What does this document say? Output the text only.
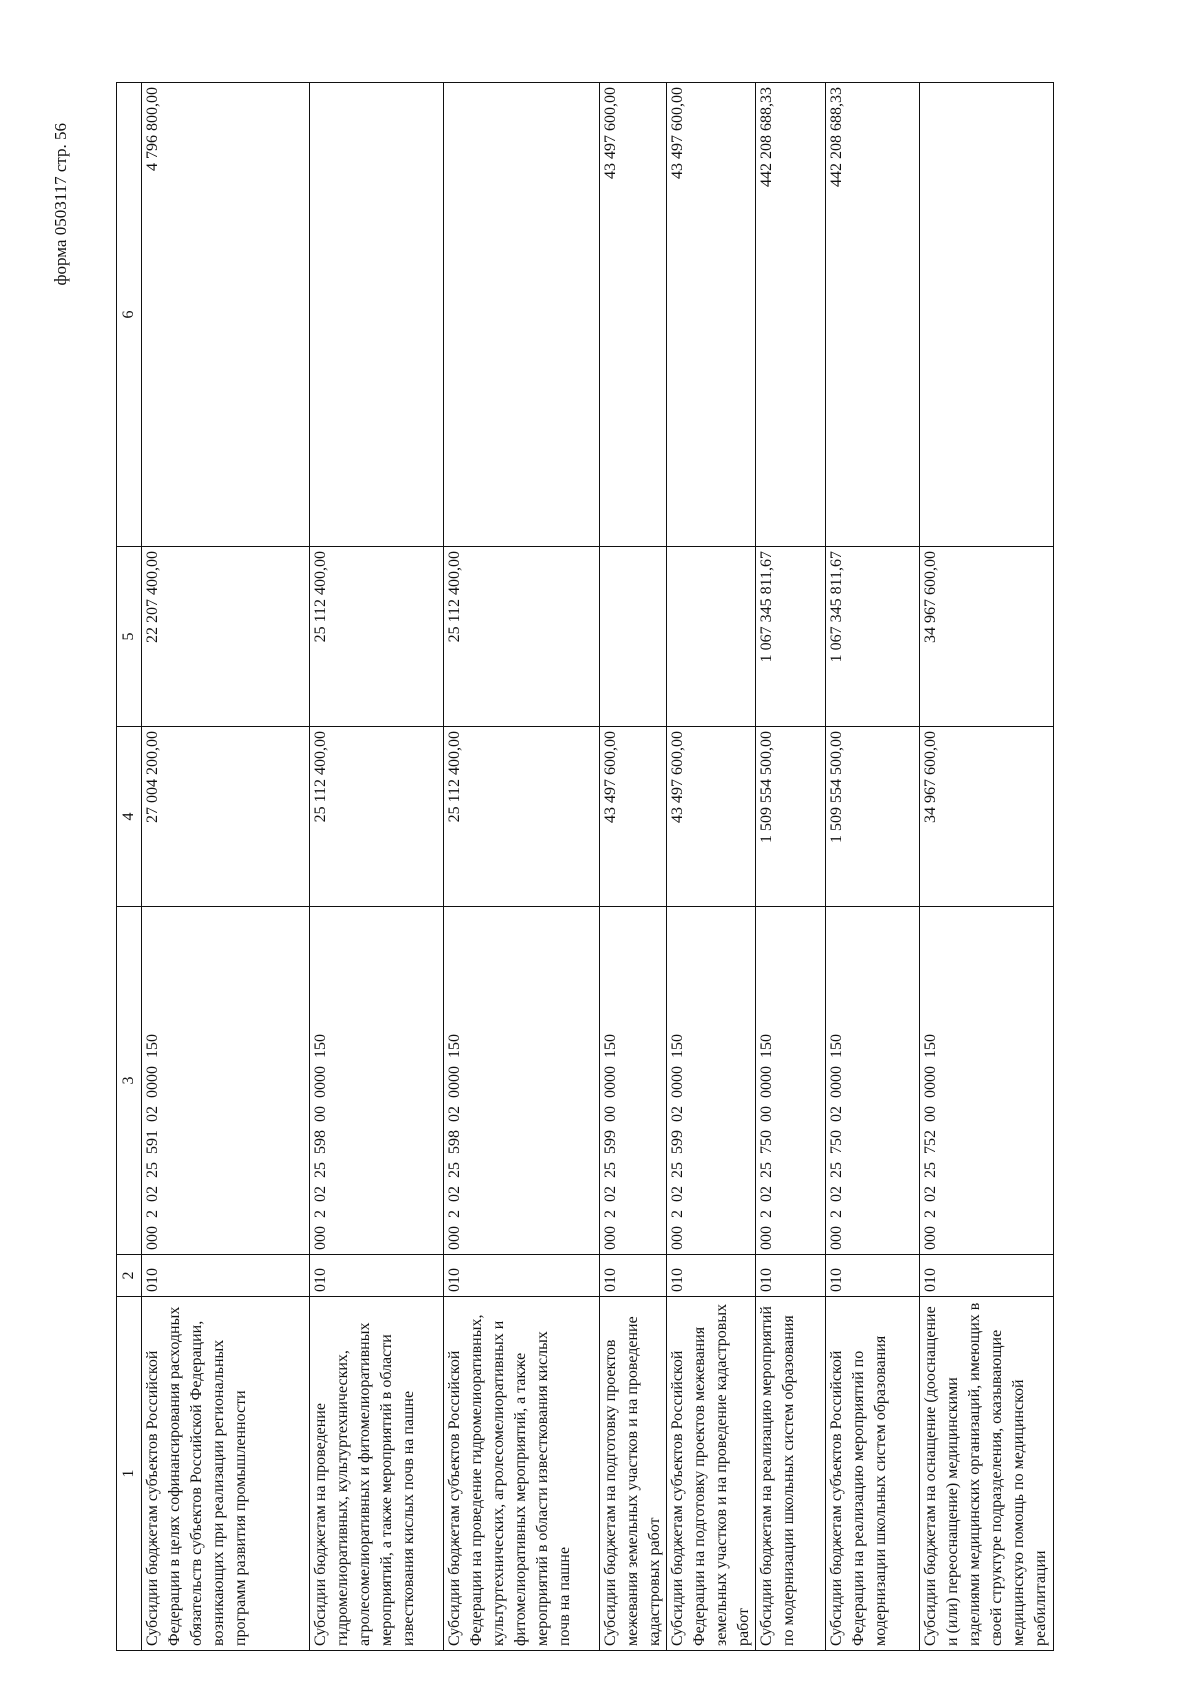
форма 0503117 стр. 56
1	2	3	4	5	6
Субсидии бюджетам субъектов Российской Федерации в целях софинансирования расходных обязательств субъектов Российской Федерации, возникающих при реализации региональных программ развития промышленности	010	000  2  02  25  591  02  0000  150	27 004 200,00	22 207 400,00	4 796 800,00
Субсидии бюджетам на проведение гидромелиоративных, культуртехнических, агролесомелиоративных и фитомелиоративных мероприятий, а также мероприятий в области известкования кислых почв на пашне	010	000  2  02  25  598  00  0000  150	25 112 400,00	25 112 400,00	
Субсидии бюджетам субъектов Российской Федерации на проведение гидромелиоративных, культуртехнических, агролесомелиоративных и фитомелиоративных мероприятий, а также мероприятий в области известкования кислых почв на пашне	010	000  2  02  25  598  02  0000  150	25 112 400,00	25 112 400,00	
Субсидии бюджетам на подготовку проектов межевания земельных участков и на проведение кадастровых работ	010	000  2  02  25  599  00  0000  150	43 497 600,00		43 497 600,00
Субсидии бюджетам субъектов Российской Федерации на подготовку проектов межевания земельных участков и на проведение кадастровых работ	010	000  2  02  25  599  02  0000  150	43 497 600,00		43 497 600,00
Субсидии бюджетам на реализацию мероприятий по модернизации школьных систем образования	010	000  2  02  25  750  00  0000  150	1 509 554 500,00	1 067 345 811,67	442 208 688,33
Субсидии бюджетам субъектов Российской Федерации на реализацию мероприятий по модернизации школьных систем образования	010	000  2  02  25  750  02  0000  150	1 509 554 500,00	1 067 345 811,67	442 208 688,33
Субсидии бюджетам на оснащение (дооснащение и (или) переоснащение) медицинскими изделиями медицинских организаций, имеющих в своей структуре подразделения, оказывающие медицинскую помощь по медицинской реабилитации	010	000  2  02  25  752  00  0000  150	34 967 600,00	34 967 600,00	
